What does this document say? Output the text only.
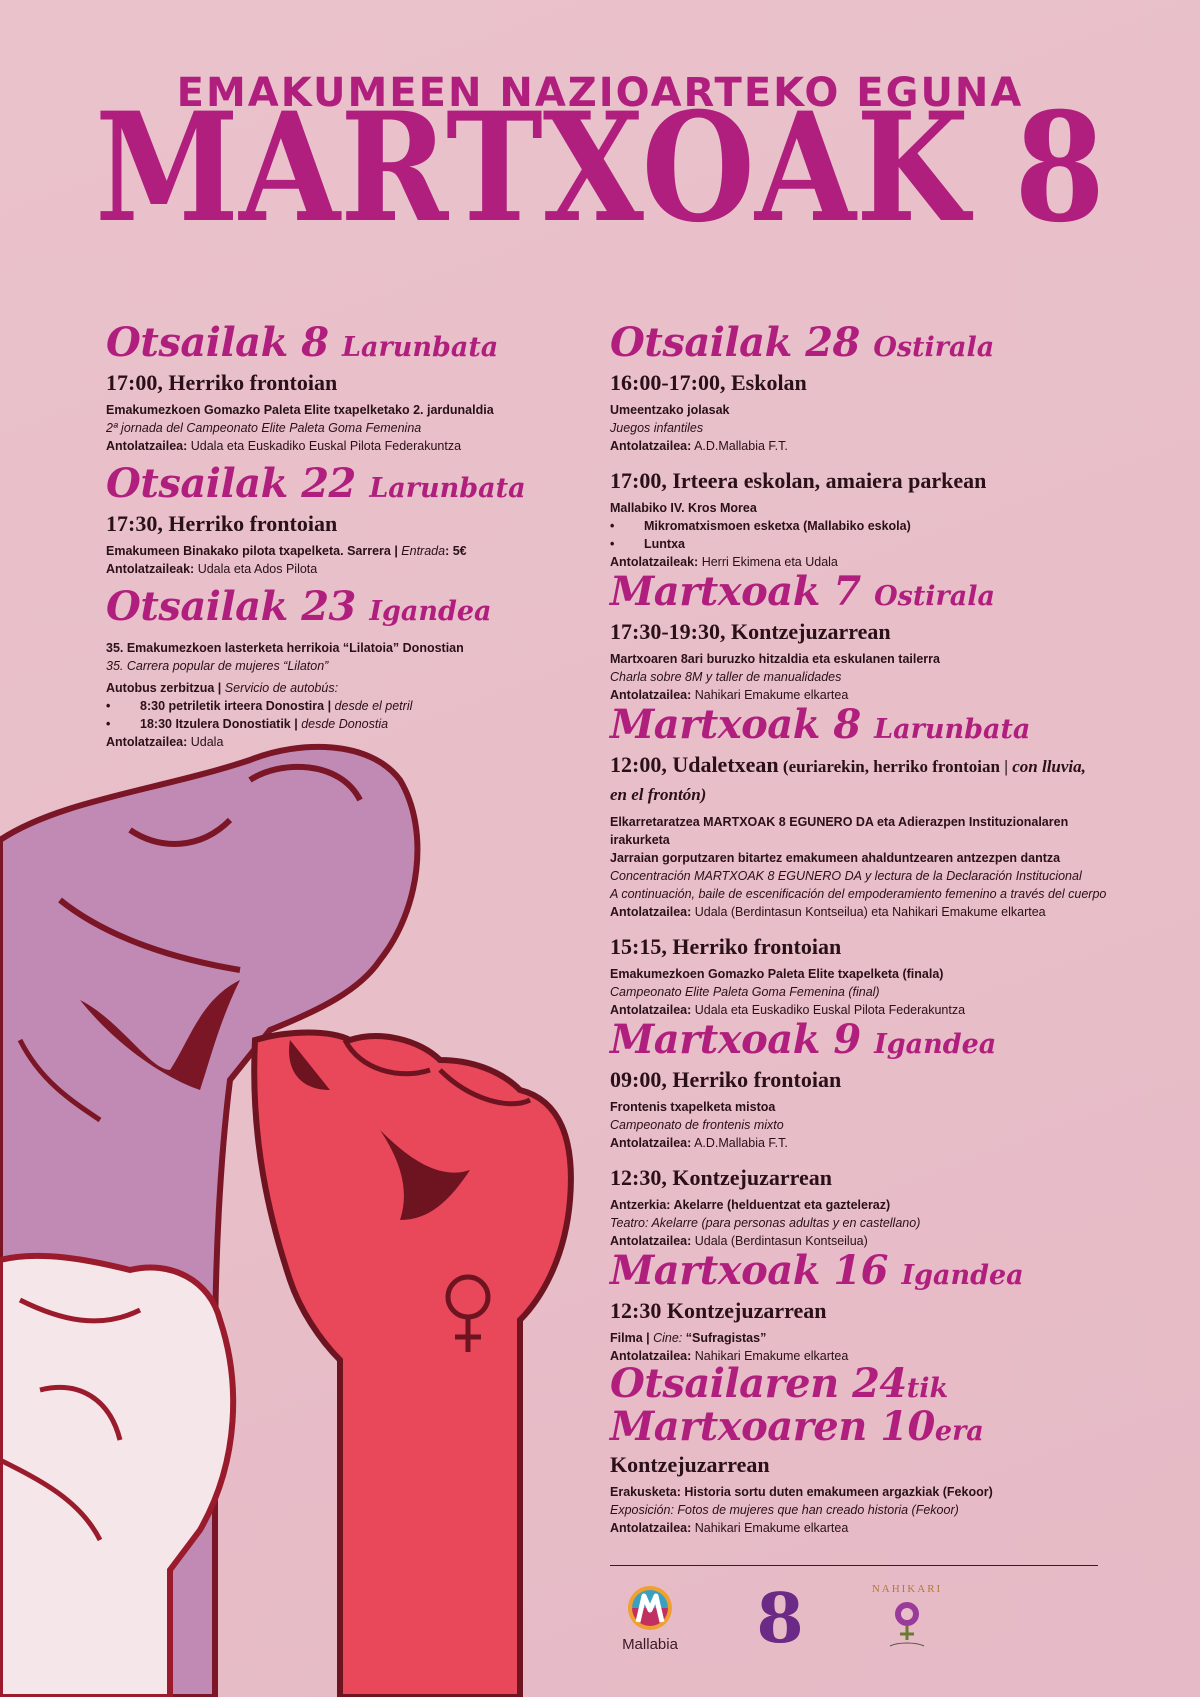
EMAKUMEEN NAZIOARTEKO EGUNA
MARTXOAK 8

Otsailak 8 Larunbata

17:00, Herriko frontoian

Emakumezkoen Gomazko Paleta Elite txapelketako 2. jardunaldia

2ª jornada del Campeonato Elite Paleta Goma Femenina

Antolatzailea: Udala eta Euskadiko Euskal Pilota Federakuntza

Otsailak 22 Larunbata

17:30, Herriko frontoian

Emakumeen Binakako pilota txapelketa. Sarrera | Entrada: 5€

Antolatzaileak: Udala eta Ados Pilota

Otsailak 23 Igandea

35. Emakumezkoen lasterketa herrikoia “Lilatoia” Donostian

35. Carrera popular de mujeres “Lilaton”

Autobus zerbitzua | Servicio de autobús:

• 8:30 petriletik irteera Donostira | desde el petril

• 18:30 Itzulera Donostiatik | desde Donostia

Antolatzailea: Udala

Otsailak 28 Ostirala

16:00-17:00, Eskolan

Umeentzako jolasak

Juegos infantiles

Antolatzailea: A.D.Mallabia F.T.

17:00, Irteera eskolan, amaiera parkean

Mallabiko IV. Kros Morea

• Mikromatxismoen esketxa (Mallabiko eskola)

• Luntxa

Antolatzaileak: Herri Ekimena eta Udala

Martxoak 7 Ostirala

17:30-19:30, Kontzejuzarrean

Martxoaren 8ari buruzko hitzaldia eta eskulanen tailerra

Charla sobre 8M y taller de manualidades

Antolatzailea: Nahikari Emakume elkartea

Martxoak 8 Larunbata

12:00, Udaletxean (euriarekin, herriko frontoian | con lluvia,
en el frontón)

Elkarretaratzea MARTXOAK 8 EGUNERO DA eta Adierazpen Instituzionalaren irakurketa

Jarraian gorputzaren bitartez emakumeen ahalduntzearen antzezpen dantza

Concentración MARTXOAK 8 EGUNERO DA y lectura de la Declaración Institucional

A continuación, baile de escenificación del empoderamiento femenino a través del cuerpo

Antolatzailea: Udala (Berdintasun Kontseilua) eta Nahikari Emakume elkartea

15:15, Herriko frontoian

Emakumezkoen Gomazko Paleta Elite txapelketa (finala)

Campeonato Elite Paleta Goma Femenina (final)

Antolatzailea: Udala eta Euskadiko Euskal Pilota Federakuntza

Martxoak 9 Igandea

09:00, Herriko frontoian

Frontenis txapelketa mistoa

Campeonato de frontenis mixto

Antolatzailea: A.D.Mallabia F.T.

12:30, Kontzejuzarrean

Antzerkia: Akelarre (helduentzat eta gazteleraz)

Teatro: Akelarre (para personas adultas y en castellano)

Antolatzailea: Udala (Berdintasun Kontseilua)

Martxoak 16 Igandea

12:30 Kontzejuzarrean

Filma | Cine: “Sufragistas”

Antolatzailea: Nahikari Emakume elkartea

Otsailaren 24tik

Martxoaren 10era

Kontzejuzarrean

Erakusketa: Historia sortu duten emakumeen argazkiak (Fekoor)

Exposición: Fotos de mujeres que han creado historia (Fekoor)

Antolatzailea: Nahikari Emakume elkartea

Mallabia 8	NAHIKARI
